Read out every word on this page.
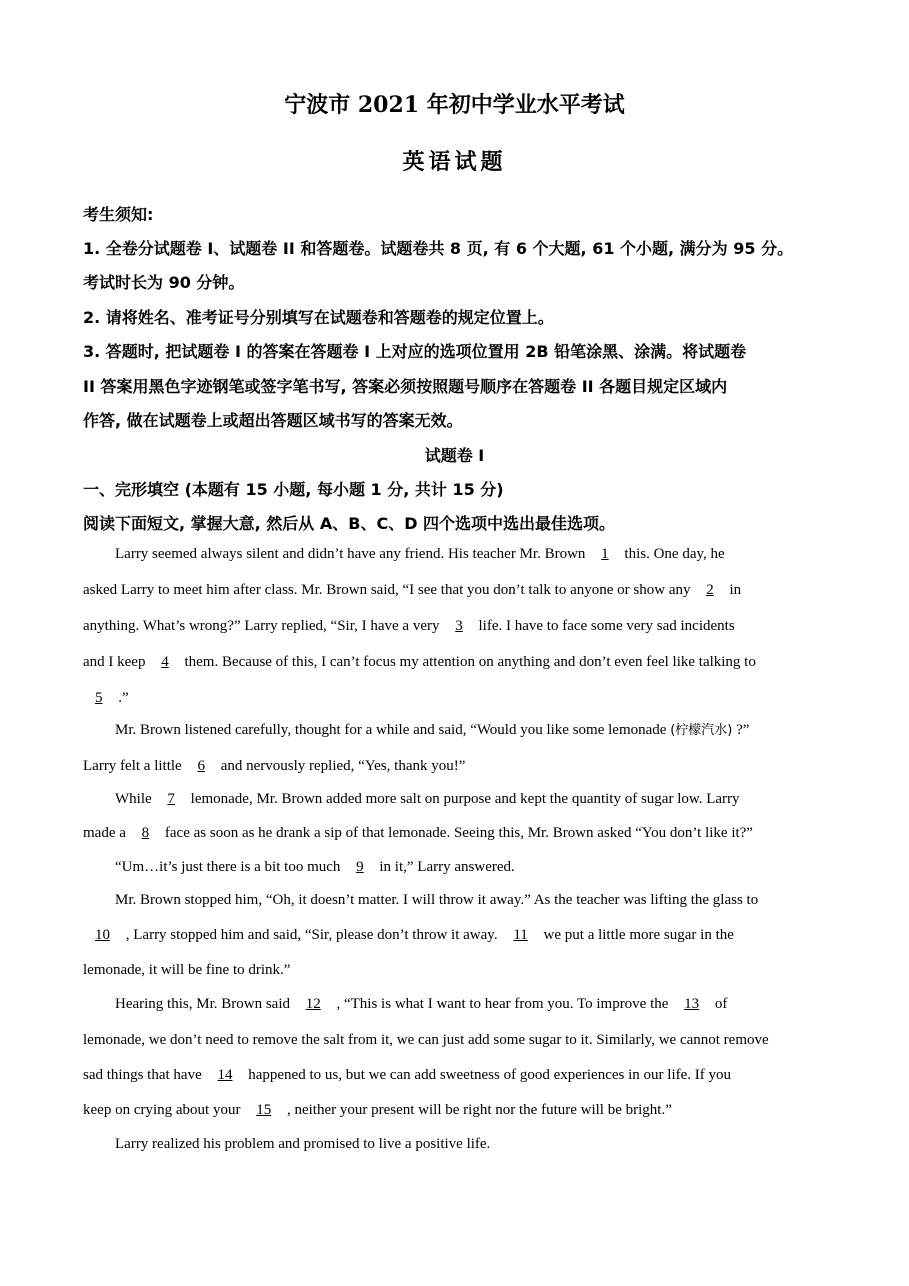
宁波市 2021 年初中学业水平考试
英语试题
考生须知:
1. 全卷分试题卷 I、试题卷 II 和答题卷。试题卷共 8 页, 有 6 个大题, 61 个小题, 满分为 95 分。
考试时长为 90 分钟。
2. 请将姓名、准考证号分别填写在试题卷和答题卷的规定位置上。
3. 答题时, 把试题卷 I 的答案在答题卷 I 上对应的选项位置用 2B 铅笔涂黑、涂满。将试题卷
II 答案用黑色字迹钢笔或签字笔书写, 答案必须按照题号顺序在答题卷 II 各题目规定区域内
作答, 做在试题卷上或超出答题区域书写的答案无效。
试题卷 I
一、完形填空 (本题有 15 小题, 每小题 1 分, 共计 15 分)
阅读下面短文, 掌握大意, 然后从 A、B、C、D 四个选项中选出最佳选项。
Larry seemed always silent and didn’t have any friend. His teacher Mr. Brown 1 this. One day, he
asked Larry to meet him after class. Mr. Brown said, “I see that you don’t talk to anyone or show any 2 in
anything. What’s wrong?” Larry replied, “Sir, I have a very 3 life. I have to face some very sad incidents
and I keep 4 them. Because of this, I can’t focus my attention on anything and don’t even feel like talking to
5 .”
Mr. Brown listened carefully, thought for a while and said, “Would you like some lemonade (柠檬汽水) ?”
Larry felt a little 6 and nervously replied, “Yes, thank you!”
While 7 lemonade, Mr. Brown added more salt on purpose and kept the quantity of sugar low. Larry
made a 8 face as soon as he drank a sip of that lemonade. Seeing this, Mr. Brown asked “You don’t like it?”
“Um…it’s just there is a bit too much 9 in it,” Larry answered.
Mr. Brown stopped him, “Oh, it doesn’t matter. I will throw it away.” As the teacher was lifting the glass to
10 , Larry stopped him and said, “Sir, please don’t throw it away. 11 we put a little more sugar in the
lemonade, it will be fine to drink.”
Hearing this, Mr. Brown said 12 , “This is what I want to hear from you. To improve the 13 of
lemonade, we don’t need to remove the salt from it, we can just add some sugar to it. Similarly, we cannot remove
sad things that have 14 happened to us, but we can add sweetness of good experiences in our life. If you
keep on crying about your 15 , neither your present will be right nor the future will be bright.”
Larry realized his problem and promised to live a positive life.
